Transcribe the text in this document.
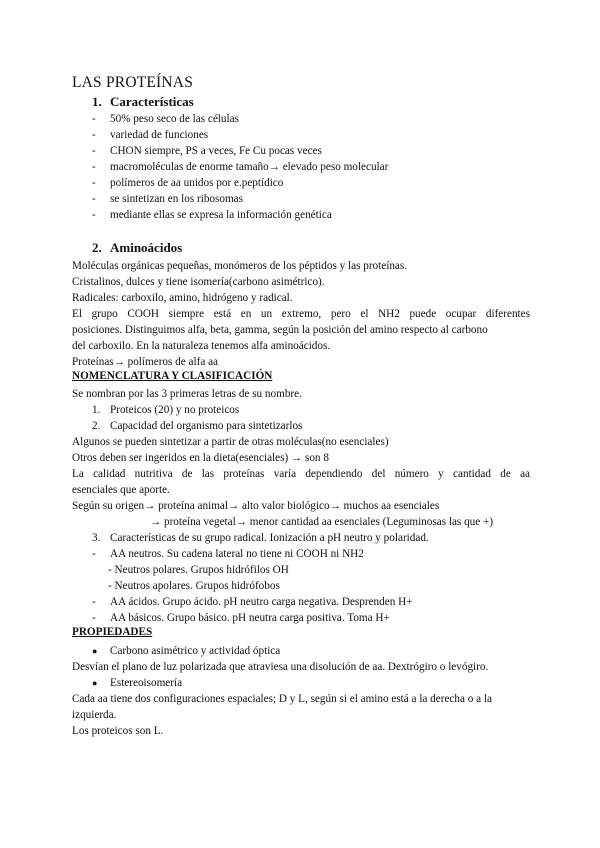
LAS PROTEÍNAS
1. Características
- 50% peso seco de las células
- variedad de funciones
- CHON siempre, PS a veces, Fe Cu pocas veces
- macromoléculas de enorme tamaño→ elevado peso molecular
- polímeros de aa unidos por e.peptídico
- se sintetizan en los ribosomas
- mediante ellas se expresa la información genética
2. Aminoácidos
Moléculas orgánicas pequeñas, monómeros de los péptidos y las proteínas.
Cristalinos, dulces y tiene isomería(carbono asimétrico).
Radicales: carboxilo, amino, hidrógeno y radical.
El grupo COOH siempre está en un extremo, pero el NH2 puede ocupar diferentes
posiciones. Distinguimos alfa, beta, gamma, según la posición del amino respecto al carbono
del carboxilo. En la naturaleza tenemos alfa aminoácidos.
Proteínas→ polímeros de alfa aa
NOMENCLATURA Y CLASIFICACIÓN
Se nombran por las 3 primeras letras de su nombre.
1. Proteicos (20) y no proteicos
2. Capacidad del organismo para sintetizarlos
Algunos se pueden sintetizar a partir de otras moléculas(no esenciales)
Otros deben ser ingeridos en la dieta(esenciales) → son 8
La calidad nutritiva de las proteínas varía dependiendo del número y cantidad de aa
esenciales que aporte.
Según su origen→ proteína animal→ alto valor biológico→ muchos aa esenciales
→ proteína vegetal→ menor cantidad aa esenciales (Leguminosas las que +)
3. Características de su grupo radical. Ionización a pH neutro y polaridad.
- AA neutros. Su cadena lateral no tiene ni COOH ni NH2
- Neutros polares. Grupos hidrófilos OH
- Neutros apolares. Grupos hidrófobos
- AA ácidos. Grupo ácido. pH neutro carga negativa. Desprenden H+
- AA básicos. Grupo básico. pH neutra carga positiva. Toma H+
PROPIEDADES
● Carbono asimétrico y actividad óptica
Desvían el plano de luz polarizada que atraviesa una disolución de aa. Dextrógiro o levógiro.
● Estereoisomería
Cada aa tiene dos configuraciones espaciales; D y L, según si el amino está a la derecha o a la
izquierda.
Los proteicos son L.
